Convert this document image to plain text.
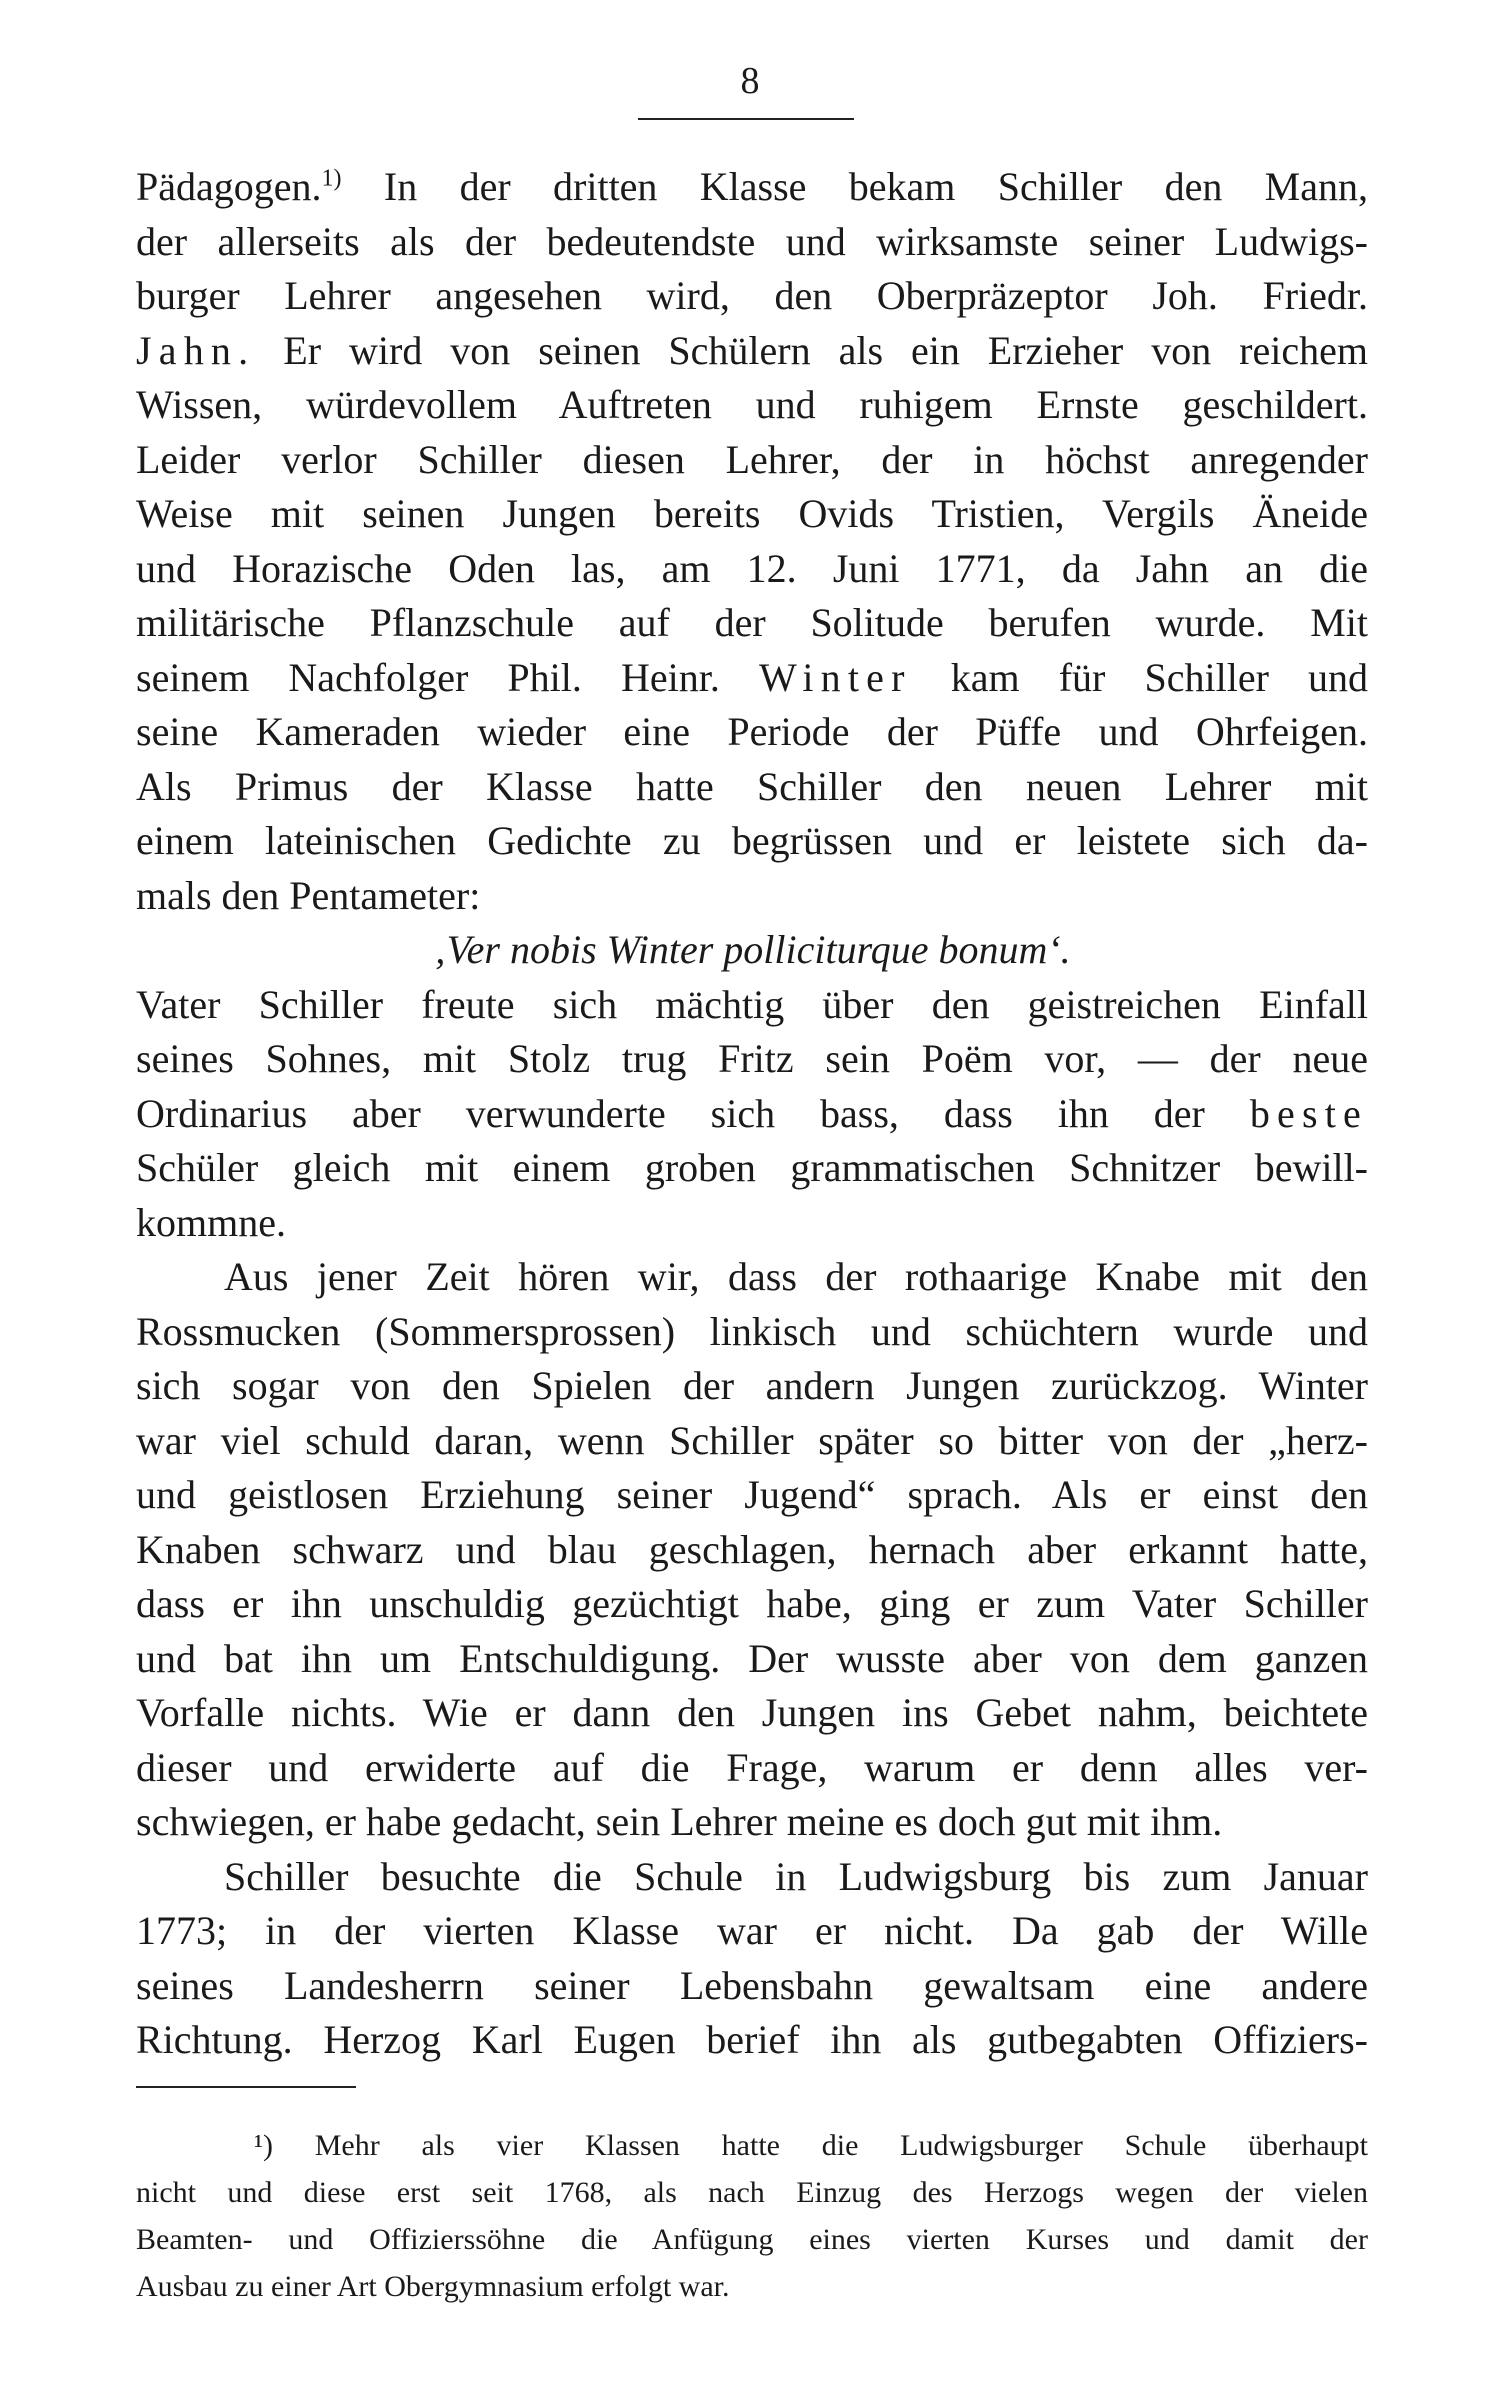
8
Pädagogen.$^{1)}$ In der dritten Klasse bekam Schiller den Mann,
der allerseits als der bedeutendste und wirksamste seiner Ludwigs-
burger Lehrer angesehen wird, den Oberpräzeptor Joh. Friedr.
Jahn. Er wird von seinen Schülern als ein Erzieher von reichem
Wissen, würdevollem Auftreten und ruhigem Ernste geschildert.
Leider verlor Schiller diesen Lehrer, der in höchst anregender
Weise mit seinen Jungen bereits Ovids Tristien, Vergils Äneide
und Horazische Oden las, am 12. Juni 1771, da Jahn an die
militärische Pflanzschule auf der Solitude berufen wurde. Mit
seinem Nachfolger Phil. Heinr. Winter kam für Schiller und
seine Kameraden wieder eine Periode der Püffe und Ohrfeigen.
Als Primus der Klasse hatte Schiller den neuen Lehrer mit
einem lateinischen Gedichte zu begrüssen und er leistete sich da-
mals den Pentameter:
‚Ver nobis Winter polliciturque bonum‘.
Vater Schiller freute sich mächtig über den geistreichen Einfall
seines Sohnes, mit Stolz trug Fritz sein Poëm vor, — der neue
Ordinarius aber verwunderte sich bass, dass ihn der beste
Schüler gleich mit einem groben grammatischen Schnitzer bewill-
kommne.
Aus jener Zeit hören wir, dass der rothaarige Knabe mit den
Rossmucken (Sommersprossen) linkisch und schüchtern wurde und
sich sogar von den Spielen der andern Jungen zurückzog. Winter
war viel schuld daran, wenn Schiller später so bitter von der „herz-
und geistlosen Erziehung seiner Jugend“ sprach. Als er einst den
Knaben schwarz und blau geschlagen, hernach aber erkannt hatte,
dass er ihn unschuldig gezüchtigt habe, ging er zum Vater Schiller
und bat ihn um Entschuldigung. Der wusste aber von dem ganzen
Vorfalle nichts. Wie er dann den Jungen ins Gebet nahm, beichtete
dieser und erwiderte auf die Frage, warum er denn alles ver-
schwiegen, er habe gedacht, sein Lehrer meine es doch gut mit ihm.
Schiller besuchte die Schule in Ludwigsburg bis zum Januar
1773; in der vierten Klasse war er nicht. Da gab der Wille
seines Landesherrn seiner Lebensbahn gewaltsam eine andere
Richtung. Herzog Karl Eugen berief ihn als gutbegabten Offiziers-
¹) Mehr als vier Klassen hatte die Ludwigsburger Schule überhaupt
nicht und diese erst seit 1768, als nach Einzug des Herzogs wegen der vielen
Beamten- und Offizierssöhne die Anfügung eines vierten Kurses und damit der
Ausbau zu einer Art Obergymnasium erfolgt war.
